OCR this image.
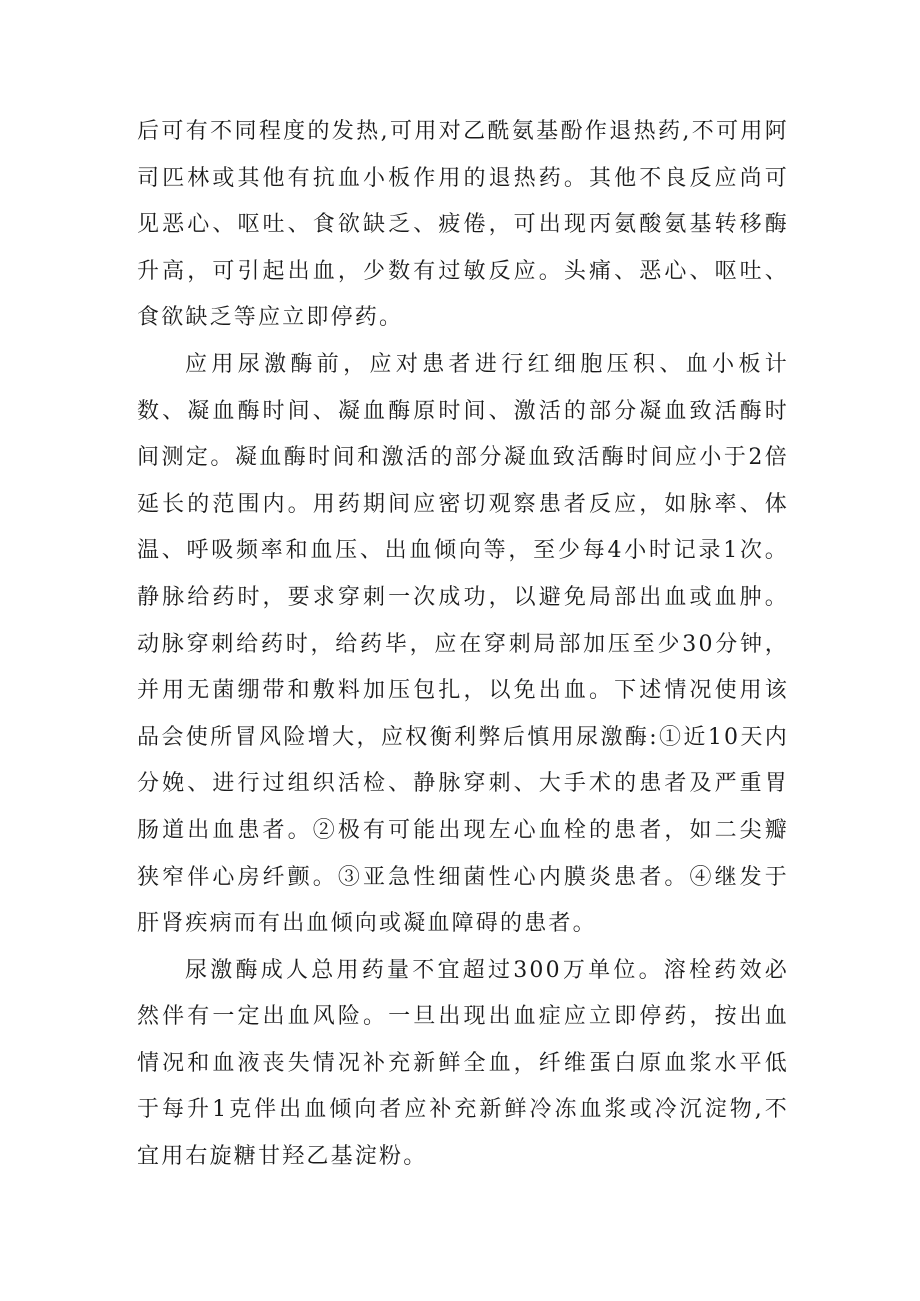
后可有不同程度的发热,可用对乙酰氨基酚作退热药,不可用阿司匹林或其他有抗血小板作用的退热药。其他不良反应尚可见恶心、呕吐、食欲缺乏、疲倦，可出现丙氨酸氨基转移酶升高，可引起出血，少数有过敏反应。头痛、恶心、呕吐、食欲缺乏等应立即停药。

应用尿激酶前，应对患者进行红细胞压积、血小板计数、凝血酶时间、凝血酶原时间、激活的部分凝血致活酶时间测定。凝血酶时间和激活的部分凝血致活酶时间应小于2倍延长的范围内。用药期间应密切观察患者反应，如脉率、体温、呼吸频率和血压、出血倾向等，至少每4小时记录1次。静脉给药时，要求穿刺一次成功，以避免局部出血或血肿。动脉穿刺给药时，给药毕，应在穿刺局部加压至少30分钟，并用无菌绷带和敷料加压包扎，以免出血。下述情况使用该品会使所冒风险增大，应权衡利弊后慎用尿激酶:①近10天内分娩、进行过组织活检、静脉穿刺、大手术的患者及严重胃肠道出血患者。②极有可能出现左心血栓的患者，如二尖瓣狭窄伴心房纤颤。③亚急性细菌性心内膜炎患者。④继发于肝肾疾病而有出血倾向或凝血障碍的患者。

尿激酶成人总用药量不宜超过300万单位。溶栓药效必然伴有一定出血风险。一旦出现出血症应立即停药，按出血情况和血液丧失情况补充新鲜全血，纤维蛋白原血浆水平低于每升1克伴出血倾向者应补充新鲜冷冻血浆或冷沉淀物,不宜用右旋糖甘羟乙基淀粉。
